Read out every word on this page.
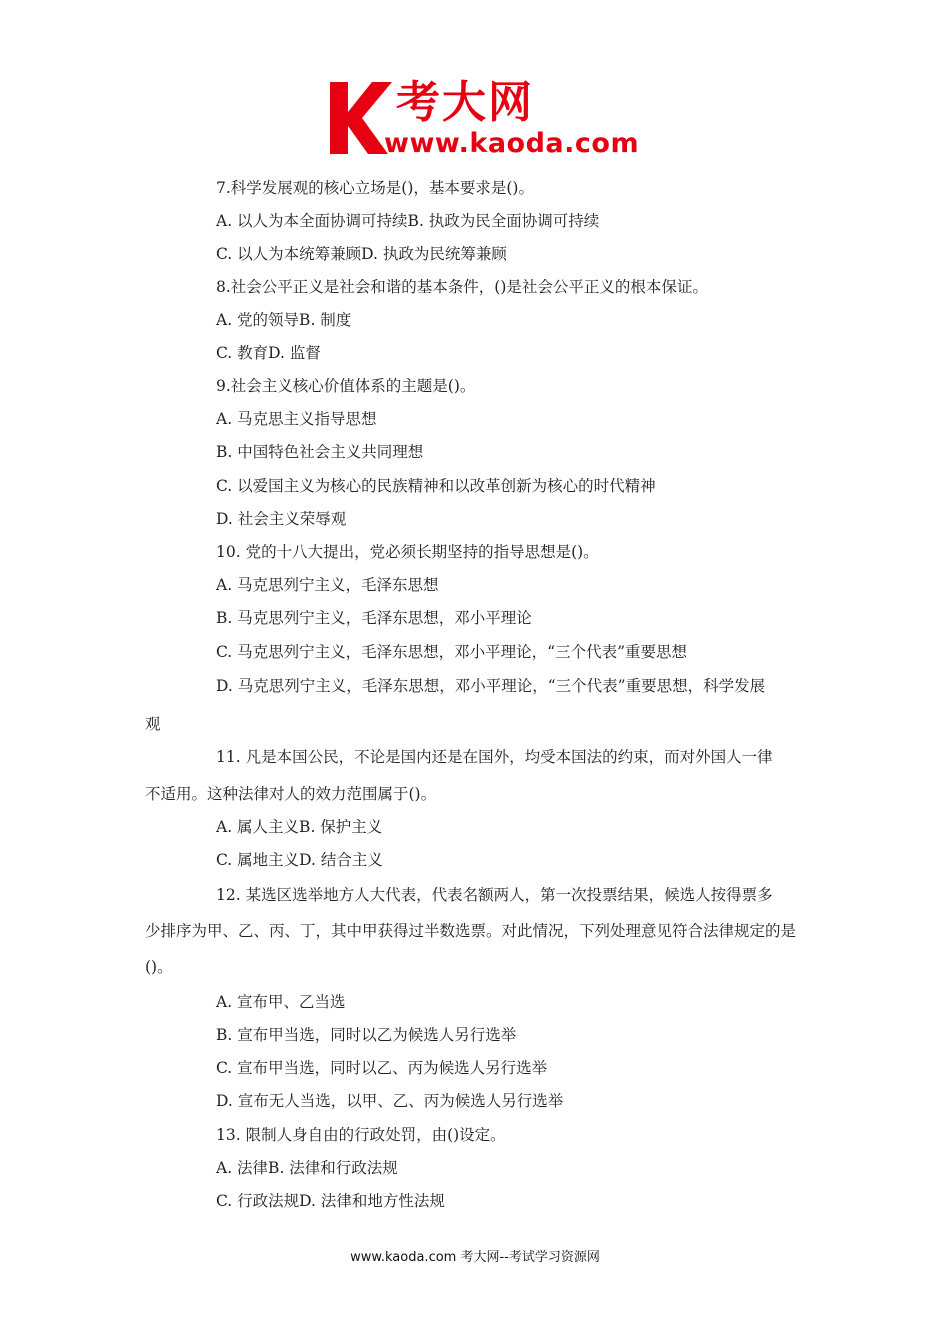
考大网
www.kaoda.com
7.科学发展观的核心立场是()，基本要求是()。
A. 以人为本全面协调可持续B. 执政为民全面协调可持续
C. 以人为本统筹兼顾D. 执政为民统筹兼顾
8.社会公平正义是社会和谐的基本条件，()是社会公平正义的根本保证。
A. 党的领导B. 制度
C. 教育D. 监督
9.社会主义核心价值体系的主题是()。
A. 马克思主义指导思想
B. 中国特色社会主义共同理想
C. 以爱国主义为核心的民族精神和以改革创新为核心的时代精神
D. 社会主义荣辱观
10. 党的十八大提出，党必须长期坚持的指导思想是()。
A. 马克思列宁主义，毛泽东思想
B. 马克思列宁主义，毛泽东思想，邓小平理论
C. 马克思列宁主义，毛泽东思想，邓小平理论，“三个代表”重要思想
D. 马克思列宁主义，毛泽东思想，邓小平理论，“三个代表”重要思想，科学发展
观
11. 凡是本国公民，不论是国内还是在国外，均受本国法的约束，而对外国人一律
不适用。这种法律对人的效力范围属于()。
A. 属人主义B. 保护主义
C. 属地主义D. 结合主义
12. 某选区选举地方人大代表，代表名额两人，第一次投票结果，候选人按得票多
少排序为甲、乙、丙、丁，其中甲获得过半数选票。对此情况，下列处理意见符合法律规定的是
()。
A. 宣布甲、乙当选
B. 宣布甲当选，同时以乙为候选人另行选举
C. 宣布甲当选，同时以乙、丙为候选人另行选举
D. 宣布无人当选，以甲、乙、丙为候选人另行选举
13. 限制人身自由的行政处罚，由()设定。
A. 法律B. 法律和行政法规
C. 行政法规D. 法律和地方性法规
www.kaoda.com 考大网--考试学习资源网
